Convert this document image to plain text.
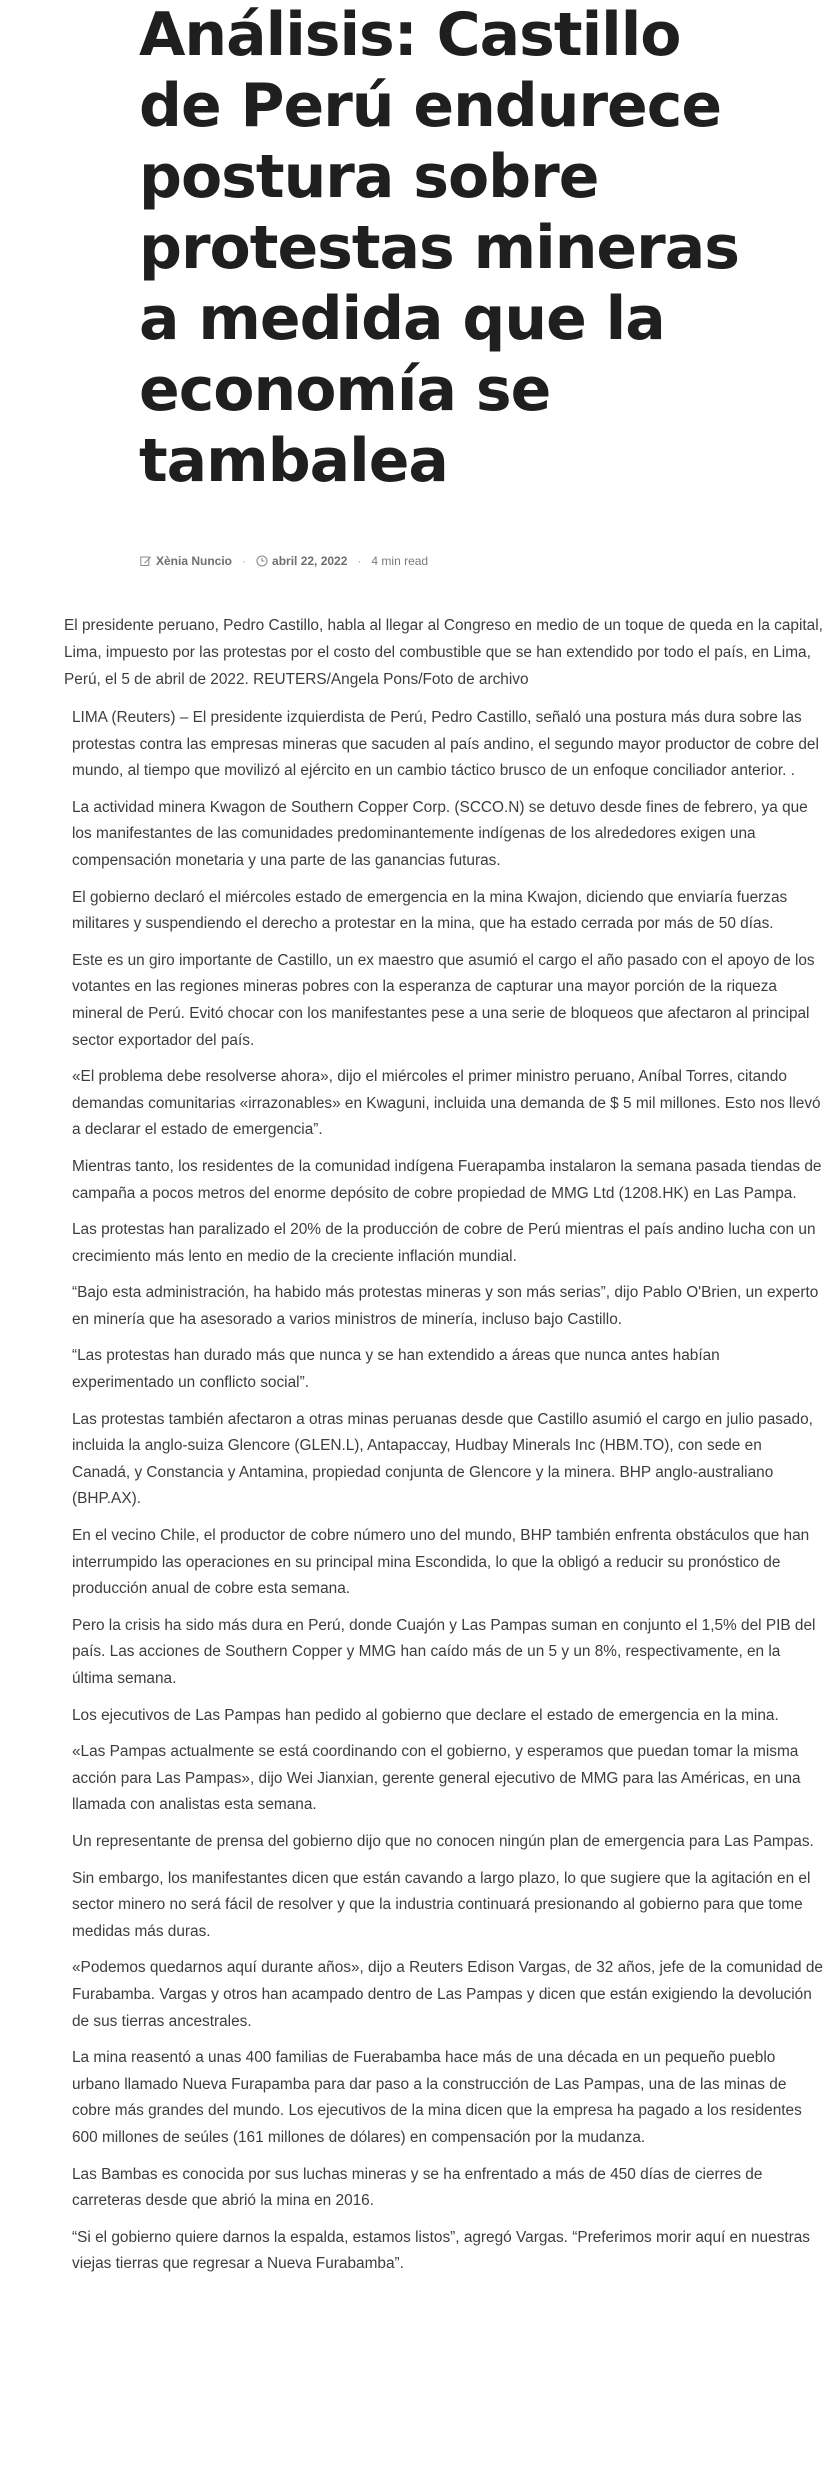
Análisis: Castillo de Perú endurece postura sobre protestas mineras a medida que la economía se tambalea
Xènia Nuncio · abril 22, 2022 · 4 min read

El presidente peruano, Pedro Castillo, habla al llegar al Congreso en medio de un toque de queda en la capital, Lima, impuesto por las protestas por el costo del combustible que se han extendido por todo el país, en Lima, Perú, el 5 de abril de 2022. REUTERS/Angela Pons/Foto de archivo

LIMA (Reuters) – El presidente izquierdista de Perú, Pedro Castillo, señaló una postura más dura sobre las protestas contra las empresas mineras que sacuden al país andino, el segundo mayor productor de cobre del mundo, al tiempo que movilizó al ejército en un cambio táctico brusco de un enfoque conciliador anterior. .

La actividad minera Kwagon de Southern Copper Corp. (SCCO.N) se detuvo desde fines de febrero, ya que los manifestantes de las comunidades predominantemente indígenas de los alrededores exigen una compensación monetaria y una parte de las ganancias futuras.

El gobierno declaró el miércoles estado de emergencia en la mina Kwajon, diciendo que enviaría fuerzas militares y suspendiendo el derecho a protestar en la mina, que ha estado cerrada por más de 50 días.

Este es un giro importante de Castillo, un ex maestro que asumió el cargo el año pasado con el apoyo de los votantes en las regiones mineras pobres con la esperanza de capturar una mayor porción de la riqueza mineral de Perú. Evitó chocar con los manifestantes pese a una serie de bloqueos que afectaron al principal sector exportador del país.

«El problema debe resolverse ahora», dijo el miércoles el primer ministro peruano, Aníbal Torres, citando demandas comunitarias «irrazonables» en Kwaguni, incluida una demanda de $ 5 mil millones. Esto nos llevó a declarar el estado de emergencia”.

Mientras tanto, los residentes de la comunidad indígena Fuerapamba instalaron la semana pasada tiendas de campaña a pocos metros del enorme depósito de cobre propiedad de MMG Ltd (1208.HK) en Las Pampa.

Las protestas han paralizado el 20% de la producción de cobre de Perú mientras el país andino lucha con un crecimiento más lento en medio de la creciente inflación mundial.

“Bajo esta administración, ha habido más protestas mineras y son más serias”, dijo Pablo O'Brien, un experto en minería que ha asesorado a varios ministros de minería, incluso bajo Castillo.

“Las protestas han durado más que nunca y se han extendido a áreas que nunca antes habían experimentado un conflicto social”.

Las protestas también afectaron a otras minas peruanas desde que Castillo asumió el cargo en julio pasado, incluida la anglo-suiza Glencore (GLEN.L), Antapaccay, Hudbay Minerals Inc (HBM.TO), con sede en Canadá, y Constancia y Antamina, propiedad conjunta de Glencore y la minera. BHP anglo-australiano (BHP.AX).

En el vecino Chile, el productor de cobre número uno del mundo, BHP también enfrenta obstáculos que han interrumpido las operaciones en su principal mina Escondida, lo que la obligó a reducir su pronóstico de producción anual de cobre esta semana.

Pero la crisis ha sido más dura en Perú, donde Cuajón y Las Pampas suman en conjunto el 1,5% del PIB del país. Las acciones de Southern Copper y MMG han caído más de un 5 y un 8%, respectivamente, en la última semana.

Los ejecutivos de Las Pampas han pedido al gobierno que declare el estado de emergencia en la mina.

«Las Pampas actualmente se está coordinando con el gobierno, y esperamos que puedan tomar la misma acción para Las Pampas», dijo Wei Jianxian, gerente general ejecutivo de MMG para las Américas, en una llamada con analistas esta semana.

Un representante de prensa del gobierno dijo que no conocen ningún plan de emergencia para Las Pampas.

Sin embargo, los manifestantes dicen que están cavando a largo plazo, lo que sugiere que la agitación en el sector minero no será fácil de resolver y que la industria continuará presionando al gobierno para que tome medidas más duras.

«Podemos quedarnos aquí durante años», dijo a Reuters Edison Vargas, de 32 años, jefe de la comunidad de Furabamba. Vargas y otros han acampado dentro de Las Pampas y dicen que están exigiendo la devolución de sus tierras ancestrales.

La mina reasentó a unas 400 familias de Fuerabamba hace más de una década en un pequeño pueblo urbano llamado Nueva Furapamba para dar paso a la construcción de Las Pampas, una de las minas de cobre más grandes del mundo. Los ejecutivos de la mina dicen que la empresa ha pagado a los residentes 600 millones de seúles (161 millones de dólares) en compensación por la mudanza.

Las Bambas es conocida por sus luchas mineras y se ha enfrentado a más de 450 días de cierres de carreteras desde que abrió la mina en 2016.

“Si el gobierno quiere darnos la espalda, estamos listos”, agregó Vargas. “Preferimos morir aquí en nuestras viejas tierras que regresar a Nueva Furabamba”.
